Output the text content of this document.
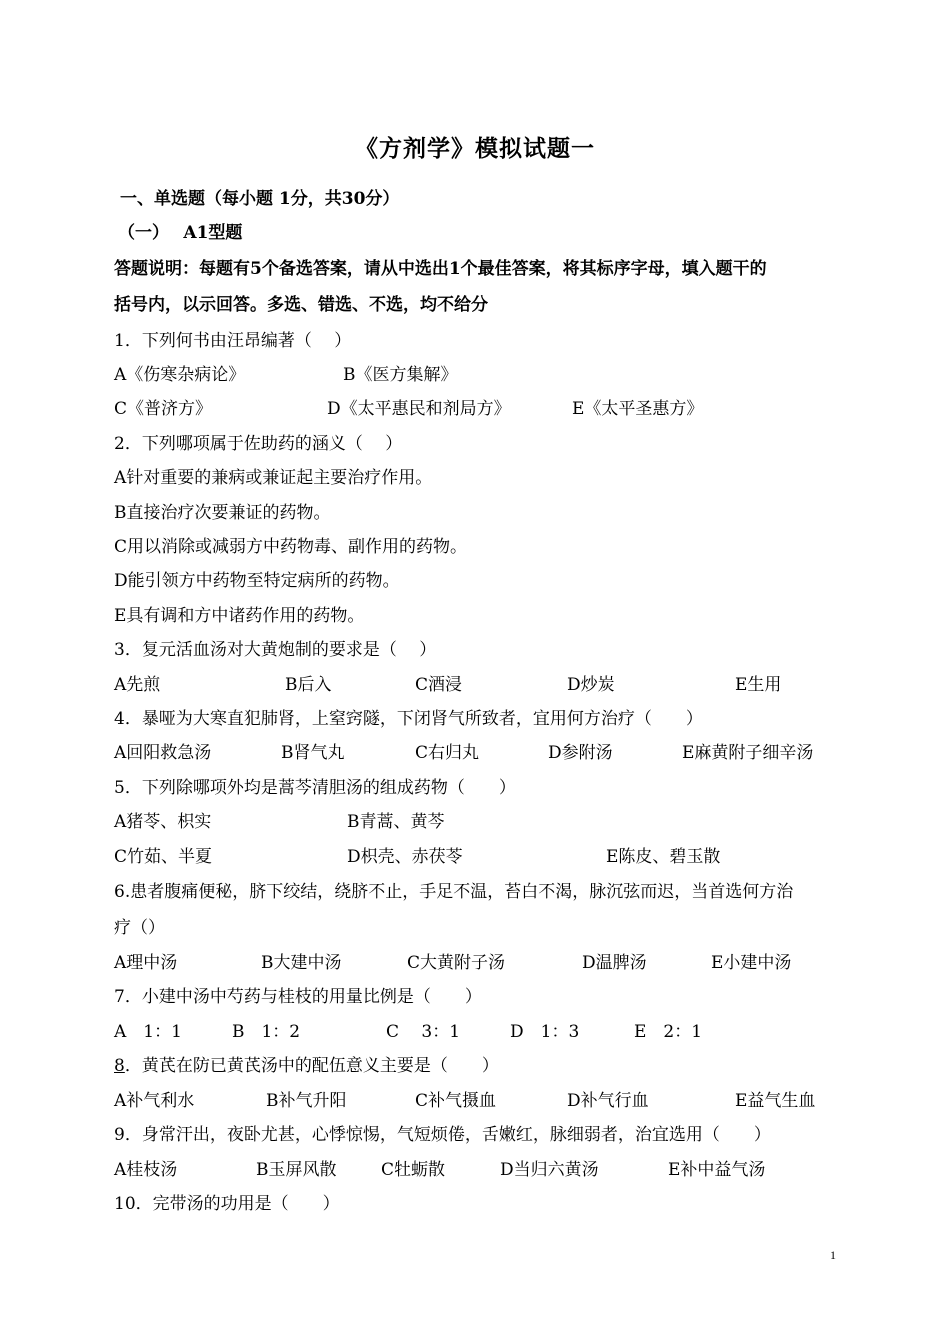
《方剂学》模拟试题一
一、单选题（每小题 1分，共30分）
（一）　 A1型题
答题说明：每题有5个备选答案，请从中选出1个最佳答案，将其标序字母，填入题干的
括号内，以示回答。多选、错选、不选，均不给分
1．下列何书由汪昂编著（　 ）
A《伤寒杂病论》	B《医方集解》
C《普济方》	D《太平惠民和剂局方》	E《太平圣惠方》
2．下列哪项属于佐助药的涵义（　 ）
A针对重要的兼病或兼证起主要治疗作用。
B直接治疗次要兼证的药物。
C用以消除或减弱方中药物毒、副作用的药物。
D能引领方中药物至特定病所的药物。
E具有调和方中诸药作用的药物。
3．复元活血汤对大黄炮制的要求是（　 ）
A先煎	B后入	C酒浸	D炒炭	E生用
4．暴哑为大寒直犯肺肾，上窒窍隧，下闭肾气所致者，宜用何方治疗（　　）
A回阳救急汤	B肾气丸	C右归丸	D参附汤	E麻黄附子细辛汤
5．下列除哪项外均是蒿芩清胆汤的组成药物（　　）
A猪苓、枳实	B青蒿、黄芩
C竹茹、半夏	D枳壳、赤茯苓	E陈皮、碧玉散
6.患者腹痛便秘，脐下绞结，绕脐不止，手足不温，苔白不渴，脉沉弦而迟，当首选何方治
疗（）
A理中汤	B大建中汤	C大黄附子汤	D温脾汤	E小建中汤
7．小建中汤中芍药与桂枝的用量比例是（　　）
A　1：1	B　1：2	C　 3：1	D　1：3	E　2：1
8．黄芪在防已黄芪汤中的配伍意义主要是（　　）
A补气利水	B补气升阳	C补气摄血	D补气行血	E益气生血
9．身常汗出，夜卧尤甚，心悸惊惕，气短烦倦，舌嫩红，脉细弱者，治宜选用（　　）
A桂枝汤	B玉屏风散	C牡蛎散	D当归六黄汤	E补中益气汤
10．完带汤的功用是（　　）
1
